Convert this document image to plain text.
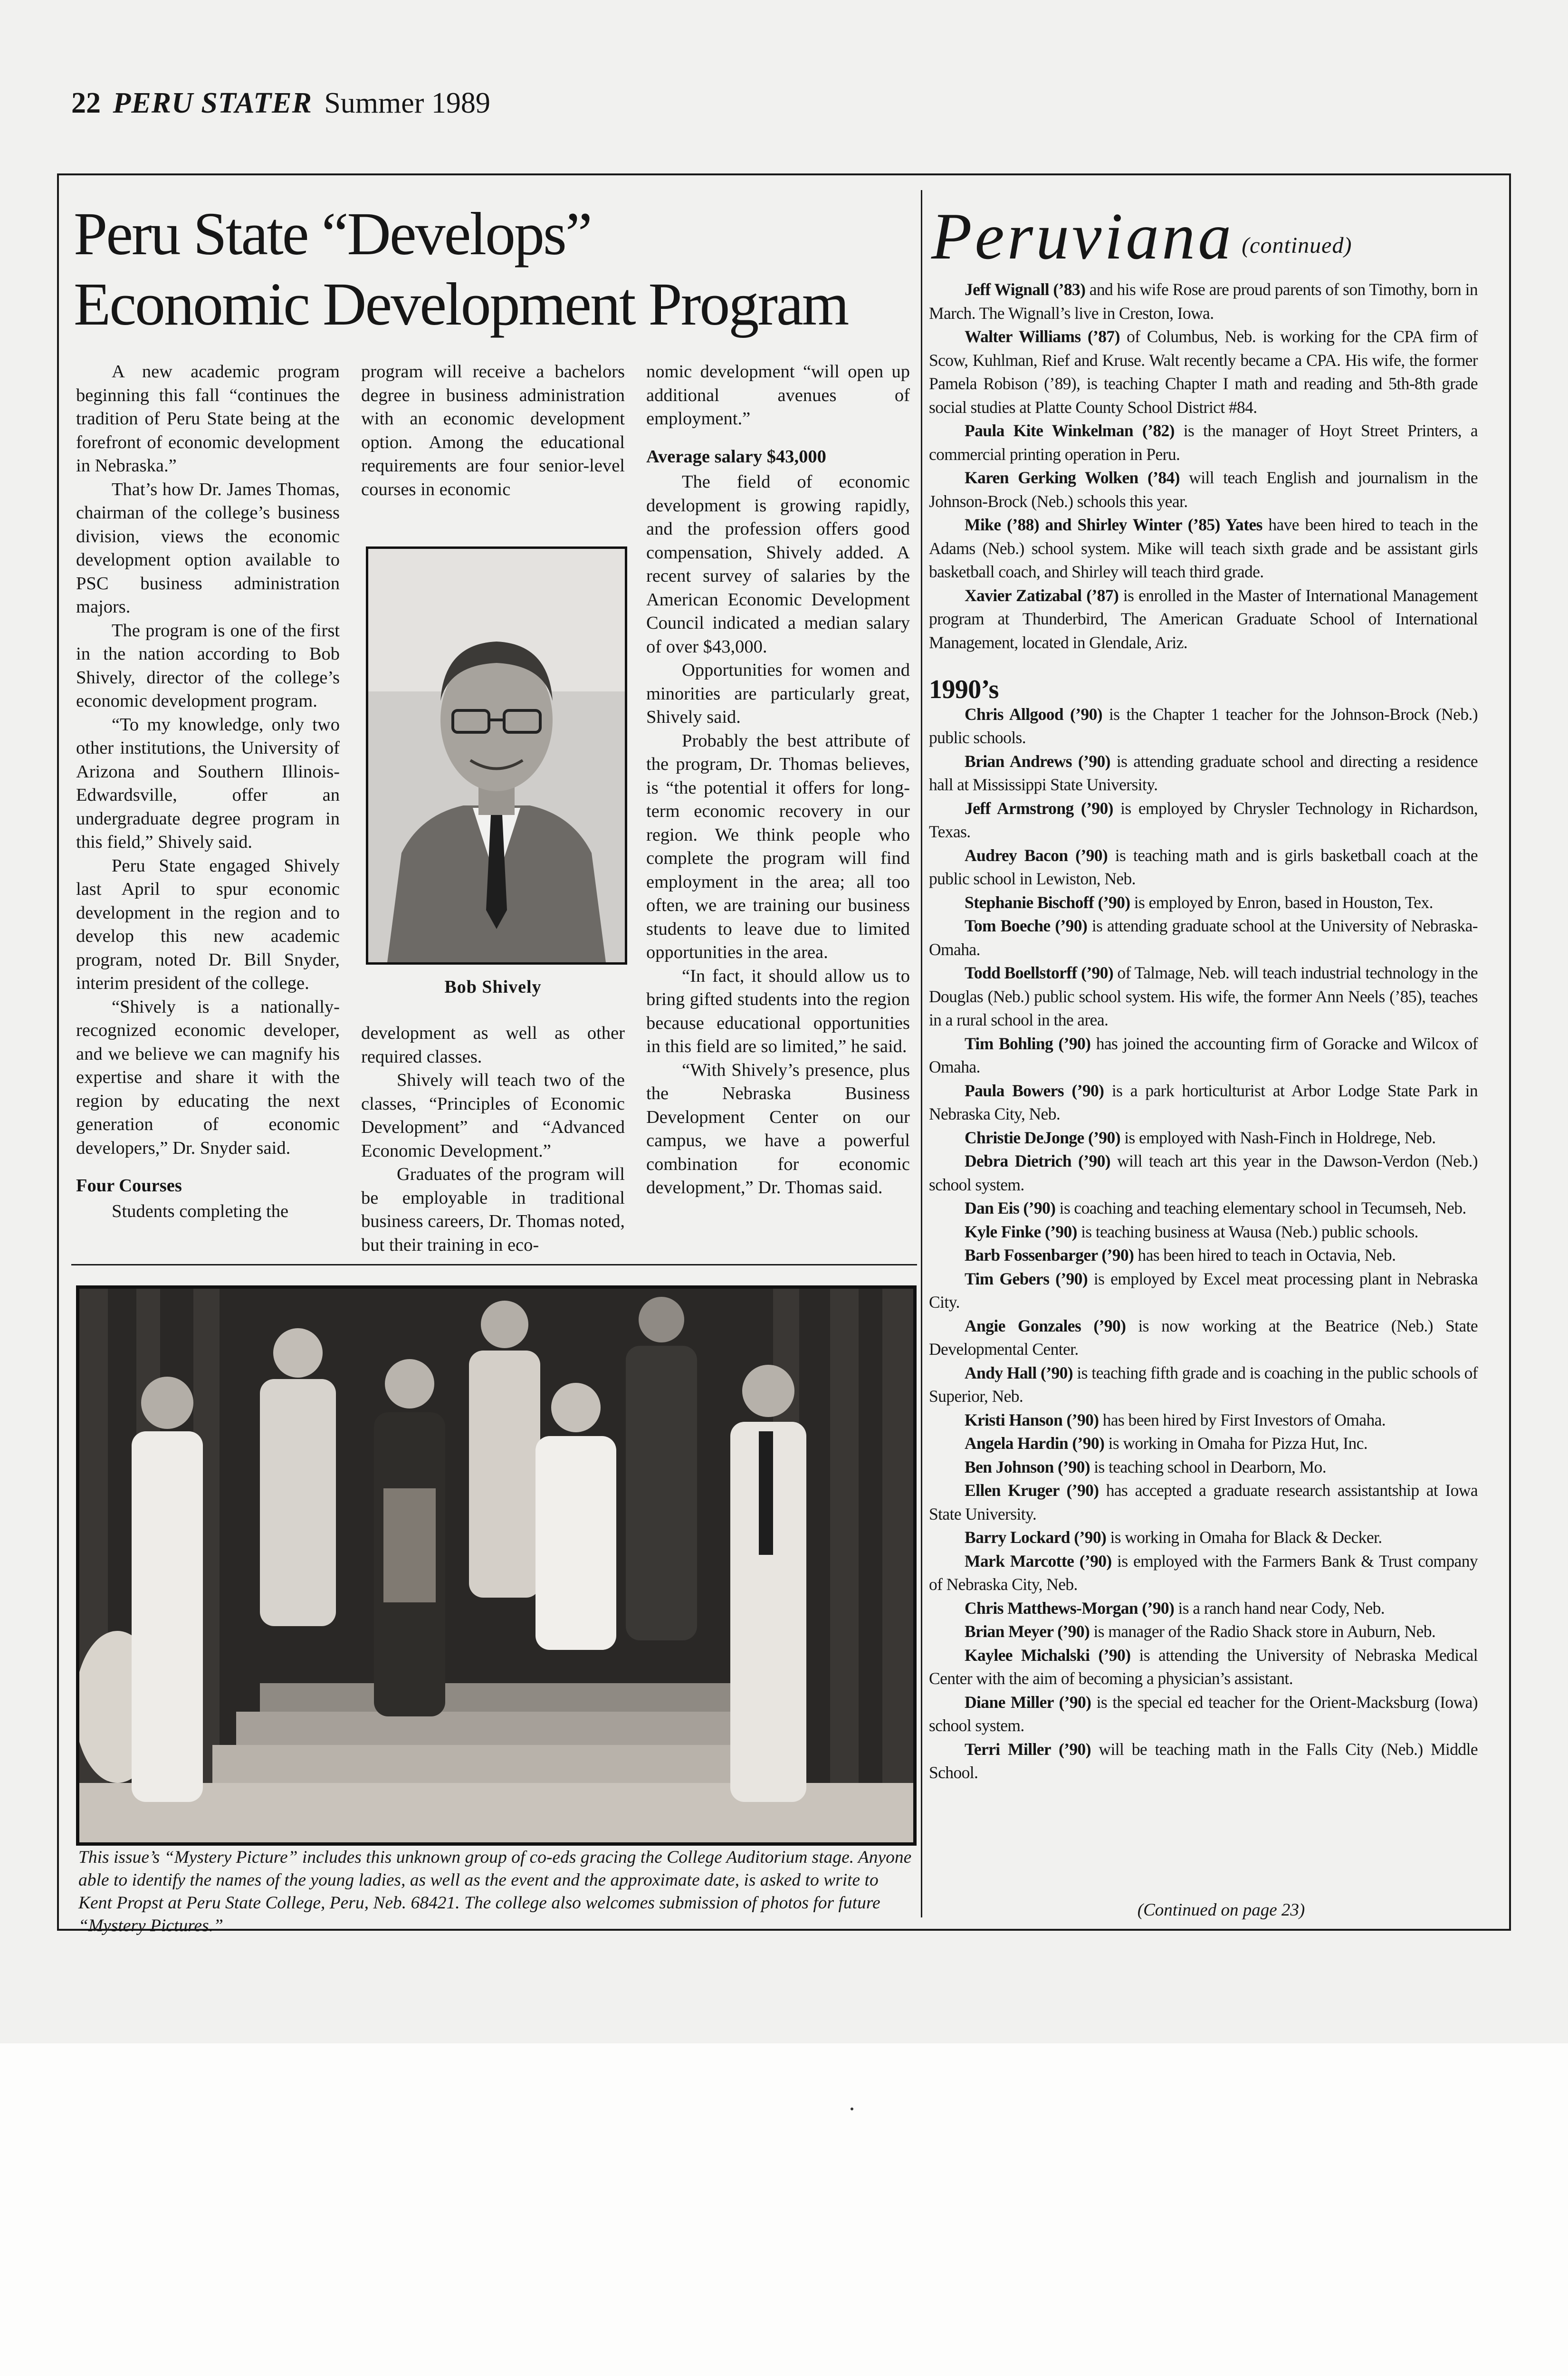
22 PERU STATER Summer 1989
Peru State “Develops”
Economic Development Program

A new academic program beginning this fall “continues the tradition of Peru State being at the forefront of economic development in Nebraska.”

That’s how Dr. James Thomas, chairman of the college’s business division, views the economic development option available to PSC business administration majors.

The program is one of the first in the nation according to Bob Shively, director of the college’s economic development program.

“To my knowledge, only two other institutions, the University of Arizona and Southern Illinois-Edwardsville, offer an undergraduate degree program in this field,” Shively said.

Peru State engaged Shively last April to spur economic development in the region and to develop this new academic program, noted Dr. Bill Snyder, interim president of the college.

“Shively is a nationally-recognized economic developer, and we believe we can magnify his expertise and share it with the region by educating the next generation of economic developers,” Dr. Snyder said.

Four Courses

Students completing the

program will receive a bachelors degree in business administration with an economic development option. Among the educational requirements are four senior-level courses in economic

Bob Shively

development as well as other required classes.

Shively will teach two of the classes, “Principles of Economic Development” and “Advanced Economic Development.”

Graduates of the program will be employable in traditional business careers, Dr. Thomas noted, but their training in eco-

nomic development “will open up additional avenues of employment.”

Average salary $43,000

The field of economic development is growing rapidly, and the profession offers good compensation, Shively added. A recent survey of salaries by the American Economic Development Council indicated a median salary of over $43,000.

Opportunities for women and minorities are particularly great, Shively said.

Probably the best attribute of the program, Dr. Thomas believes, is “the potential it offers for long-term economic recovery in our region. We think people who complete the program will find employment in the area; all too often, we are training our business students to leave due to limited opportunities in the area.

“In fact, it should allow us to bring gifted students into the region because educational opportunities in this field are so limited,” he said.

“With Shively’s presence, plus the Nebraska Business Development Center on our campus, we have a powerful combination for economic development,” Dr. Thomas said.

This issue’s “Mystery Picture” includes this unknown group of co-eds gracing the College Auditorium stage. Anyone able to identify the names of the young ladies, as well as the event and the approximate date, is asked to write to Kent Propst at Peru State College, Peru, Neb. 68421. The college also welcomes submission of photos for future “Mystery Pictures.”
Peruviana (continued)

Jeff Wignall (’83) and his wife Rose are proud parents of son Timothy, born in March. The Wignall’s live in Creston, Iowa.

Walter Williams (’87) of Columbus, Neb. is working for the CPA firm of Scow, Kuhlman, Rief and Kruse. Walt recently became a CPA. His wife, the former Pamela Robison (’89), is teaching Chapter I math and reading and 5th-8th grade social studies at Platte County School District #84.

Paula Kite Winkelman (’82) is the manager of Hoyt Street Printers, a commercial printing operation in Peru.

Karen Gerking Wolken (’84) will teach English and journalism in the Johnson-Brock (Neb.) schools this year.

Mike (’88) and Shirley Winter (’85) Yates have been hired to teach in the Adams (Neb.) school system. Mike will teach sixth grade and be assistant girls basketball coach, and Shirley will teach third grade.

Xavier Zatizabal (’87) is enrolled in the Master of International Management program at Thunderbird, The American Graduate School of International Management, located in Glendale, Ariz.

1990’s

Chris Allgood (’90) is the Chapter 1 teacher for the Johnson-Brock (Neb.) public schools.

Brian Andrews (’90) is attending graduate school and directing a residence hall at Mississippi State University.

Jeff Armstrong (’90) is employed by Chrysler Technology in Richardson, Texas.

Audrey Bacon (’90) is teaching math and is girls basketball coach at the public school in Lewiston, Neb.

Stephanie Bischoff (’90) is employed by Enron, based in Houston, Tex.

Tom Boeche (’90) is attending graduate school at the University of Nebraska-Omaha.

Todd Boellstorff (’90) of Talmage, Neb. will teach industrial technology in the Douglas (Neb.) public school system. His wife, the former Ann Neels (’85), teaches in a rural school in the area.

Tim Bohling (’90) has joined the accounting firm of Goracke and Wilcox of Omaha.

Paula Bowers (’90) is a park horticulturist at Arbor Lodge State Park in Nebraska City, Neb.

Christie DeJonge (’90) is employed with Nash-Finch in Holdrege, Neb.

Debra Dietrich (’90) will teach art this year in the Dawson-Verdon (Neb.) school system.

Dan Eis (’90) is coaching and teaching elementary school in Tecumseh, Neb.

Kyle Finke (’90) is teaching business at Wausa (Neb.) public schools.

Barb Fossenbarger (’90) has been hired to teach in Octavia, Neb.

Tim Gebers (’90) is employed by Excel meat processing plant in Nebraska City.

Angie Gonzales (’90) is now working at the Beatrice (Neb.) State Developmental Center.

Andy Hall (’90) is teaching fifth grade and is coaching in the public schools of Superior, Neb.

Kristi Hanson (’90) has been hired by First Investors of Omaha.

Angela Hardin (’90) is working in Omaha for Pizza Hut, Inc.

Ben Johnson (’90) is teaching school in Dearborn, Mo.

Ellen Kruger (’90) has accepted a graduate research assistantship at Iowa State University.

Barry Lockard (’90) is working in Omaha for Black & Decker.

Mark Marcotte (’90) is employed with the Farmers Bank & Trust company of Nebraska City, Neb.

Chris Matthews-Morgan (’90) is a ranch hand near Cody, Neb.

Brian Meyer (’90) is manager of the Radio Shack store in Auburn, Neb.

Kaylee Michalski (’90) is attending the University of Nebraska Medical Center with the aim of becoming a physician’s assistant.

Diane Miller (’90) is the special ed teacher for the Orient-Macksburg (Iowa) school system.

Terri Miller (’90) will be teaching math in the Falls City (Neb.) Middle School.

(Continued on page 23)
